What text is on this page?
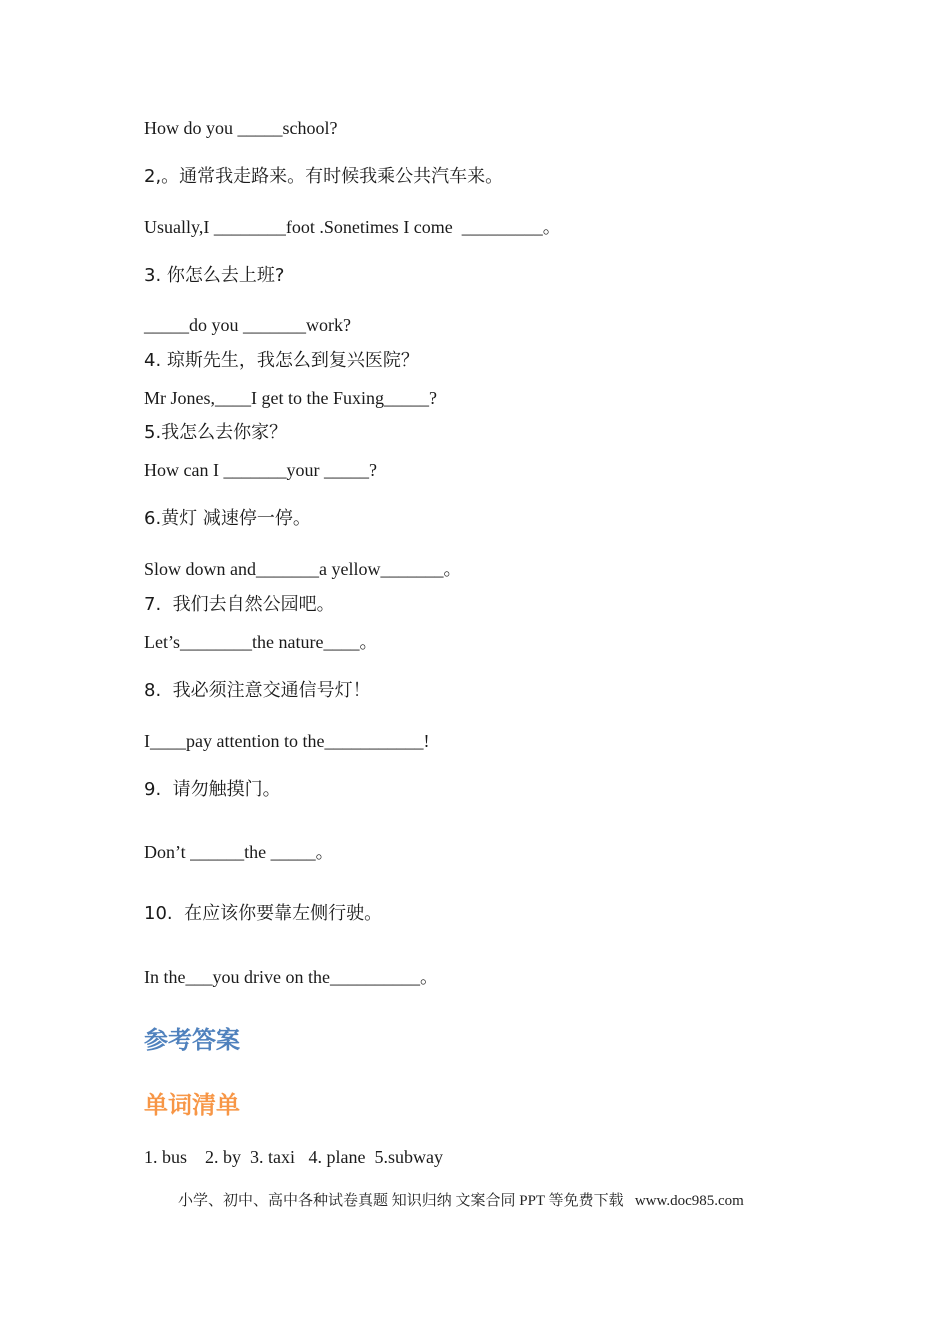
How do you _____school?
2,。通常我走路来。有时候我乘公共汽车来。
Usually,I ________foot .Sonetimes I come  _________。
3. 你怎么去上班?
_____do you _______work?
4. 琼斯先生，我怎么到复兴医院？
Mr Jones,____I get to the Fuxing_____?
5.我怎么去你家？
How can I _______your _____?
6.黄灯 减速停一停。
Slow down and_______a yellow_______。
7.  我们去自然公园吧。
Let’s________the nature____。
8.  我必须注意交通信号灯！
I____pay attention to the___________!
9.  请勿触摸门。
Don’t ______the _____。
10.  在应该你要靠左侧行驶。
In the___you drive on the__________。
参考答案
单词清单
1. bus    2. by  3. taxi   4. plane  5.subway
小学、初中、高中各种试卷真题 知识归纳 文案合同 PPT 等免费下载   www.doc985.com
